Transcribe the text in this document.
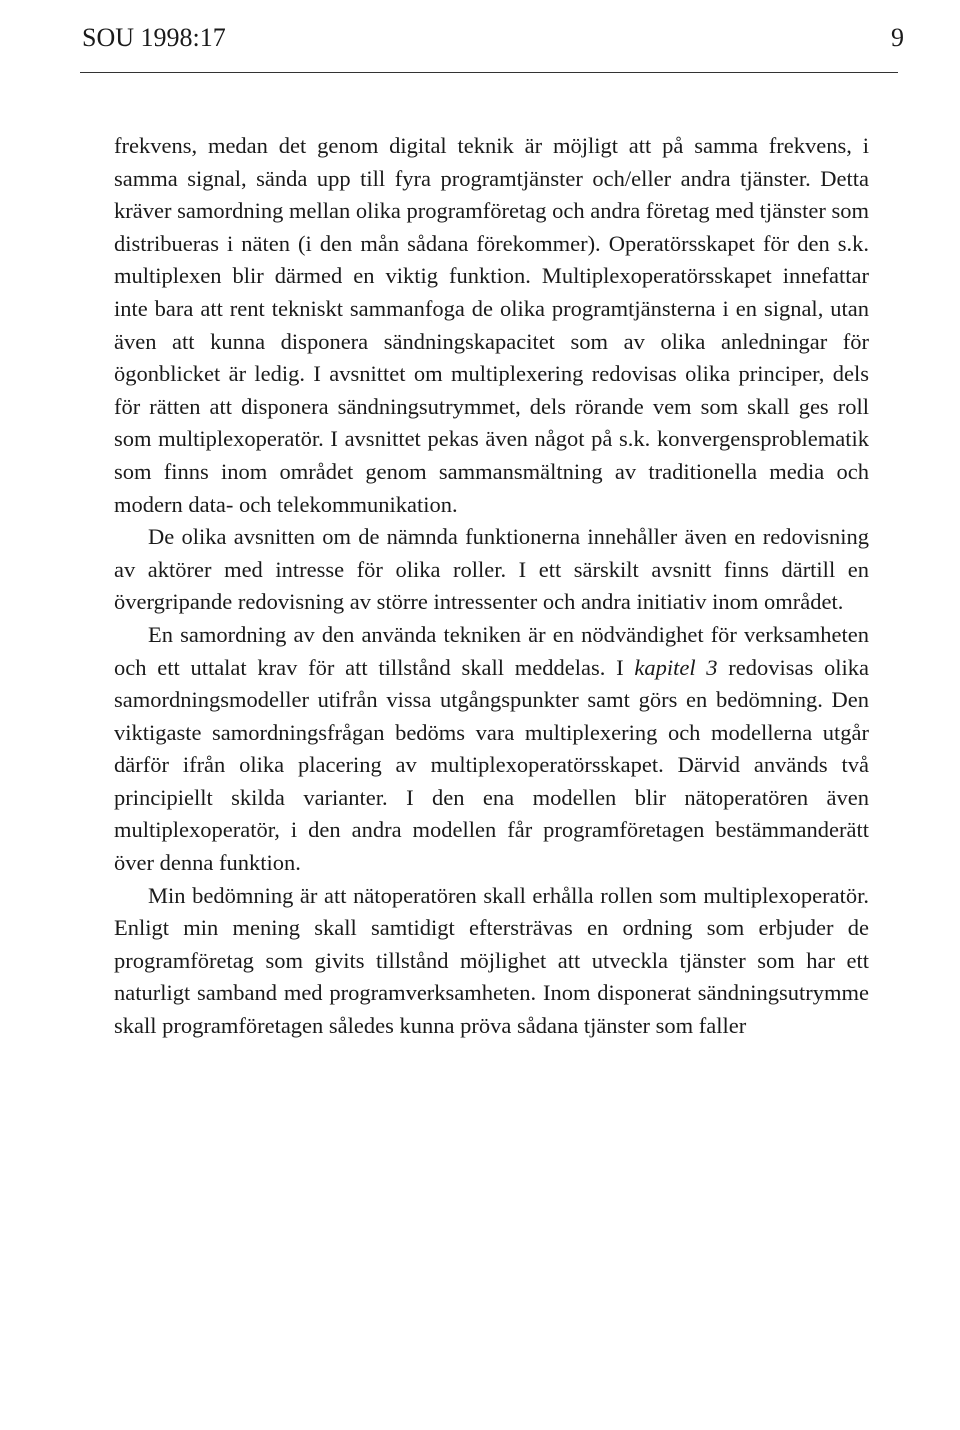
SOU 1998:17	9

frekvens, medan det genom digital teknik är möjligt att på samma frekvens, i samma signal, sända upp till fyra programtjänster och/eller andra tjänster. Detta kräver samordning mellan olika programföretag och andra företag med tjänster som distribueras i näten (i den mån sådana förekommer). Operatörsskapet för den s.k. multiplexen blir därmed en viktig funktion. Multiplexoperatörsskapet innefattar inte bara att rent tekniskt sammanfoga de olika programtjänsterna i en signal, utan även att kunna disponera sändningskapacitet som av olika anledningar för ögonblicket är ledig. I avsnittet om multiplexering redovisas olika principer, dels för rätten att disponera sändningsutrymmet, dels rörande vem som skall ges roll som multiplexoperatör. I avsnittet pekas även något på s.k. konvergensproblematik som finns inom området genom sammansmältning av traditionella media och modern data- och telekommunikation.

De olika avsnitten om de nämnda funktionerna innehåller även en redovisning av aktörer med intresse för olika roller. I ett särskilt avsnitt finns därtill en övergripande redovisning av större intressenter och andra initiativ inom området.

En samordning av den använda tekniken är en nödvändighet för verksamheten och ett uttalat krav för att tillstånd skall meddelas. I kapitel 3 redovisas olika samordningsmodeller utifrån vissa utgångspunkter samt görs en bedömning. Den viktigaste samordningsfrågan bedöms vara multiplexering och modellerna utgår därför ifrån olika placering av multiplexoperatörsskapet. Därvid används två principiellt skilda varianter. I den ena modellen blir nätoperatören även multiplexoperatör, i den andra modellen får programföretagen bestämmanderätt över denna funktion.

Min bedömning är att nätoperatören skall erhålla rollen som multiplexoperatör. Enligt min mening skall samtidigt eftersträvas en ordning som erbjuder de programföretag som givits tillstånd möjlighet att utveckla tjänster som har ett naturligt samband med programverksamheten. Inom disponerat sändningsutrymme skall programföretagen således kunna pröva sådana tjänster som faller
